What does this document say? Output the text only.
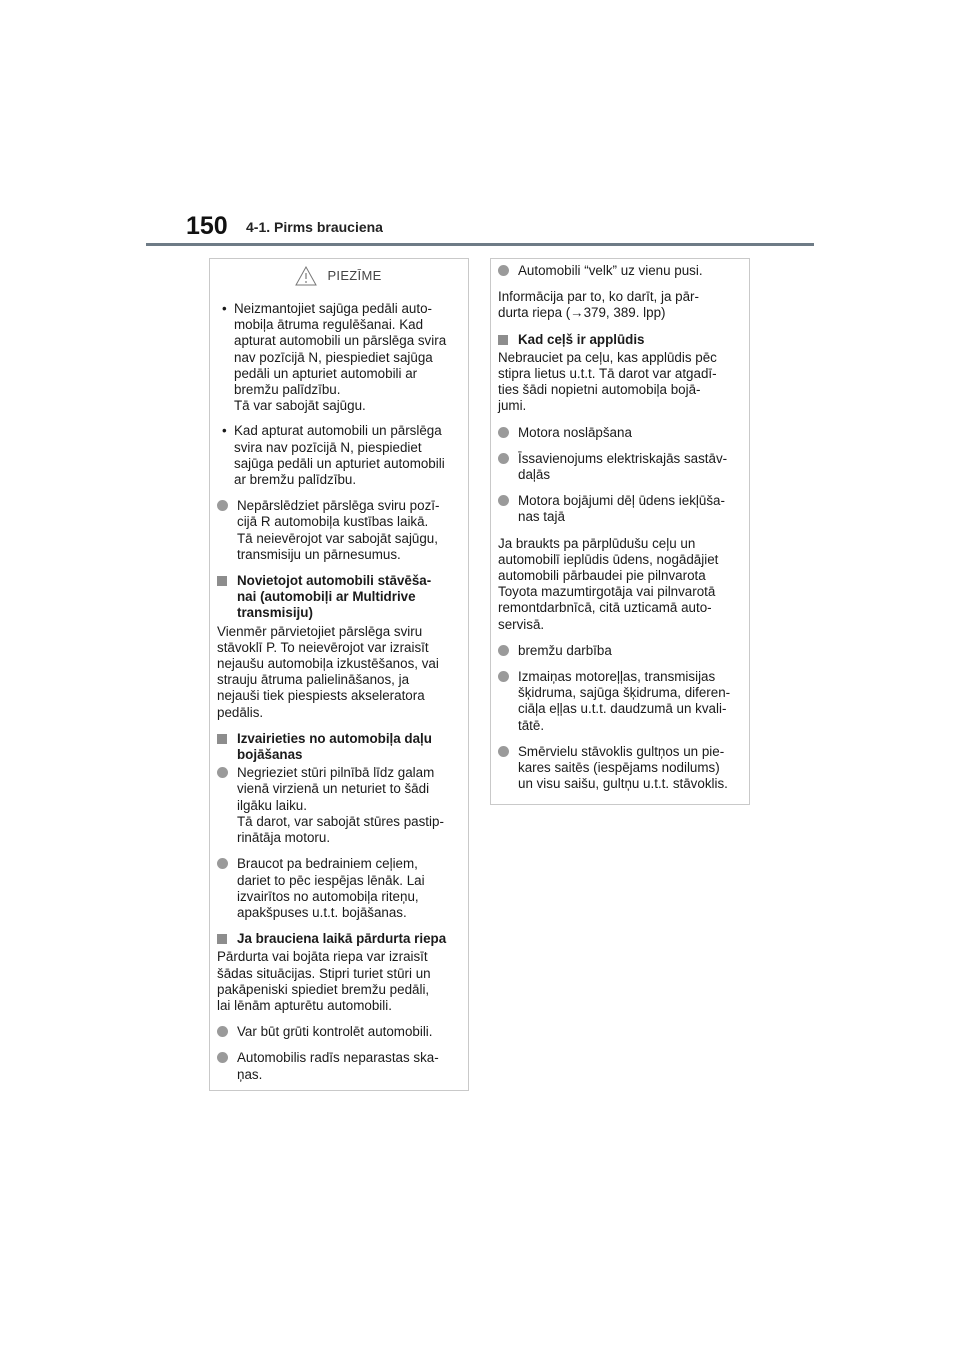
150 4-1. Pirms brauciena
PIEZĪME
• Neizmantojiet sajūga pedāli auto-
mobiļa ātruma regulēšanai. Kad
apturat automobili un pārslēga svira
nav pozīcijā N, piespiediet sajūga
pedāli un apturiet automobili ar
bremžu palīdzību.
Tā var sabojāt sajūgu.
• Kad apturat automobili un pārslēga
svira nav pozīcijā N, piespiediet
sajūga pedāli un apturiet automobili
ar bremžu palīdzību.
Nepārslēdziet pārslēga sviru pozī-
cijā R automobiļa kustības laikā.
Tā neievērojot var sabojāt sajūgu,
transmisiju un pārnesumus.
Novietojot automobili stāvēša-
nai (automobiļi ar Multidrive
transmisiju)
Vienmēr pārvietojiet pārslēga sviru
stāvoklī P. To neievērojot var izraisīt
nejaušu automobiļa izkustēšanos, vai
strauju ātruma palielināšanos, ja
nejauši tiek piespiests akseleratora
pedālis.
Izvairieties no automobiļa daļu
bojāšanas
Negrieziet stūri pilnībā līdz galam
vienā virzienā un neturiet to šādi
ilgāku laiku.
Tā darot, var sabojāt stūres pastip-
rinātāja motoru.
Braucot pa bedrainiem ceļiem,
dariet to pēc iespējas lēnāk. Lai
izvairītos no automobiļa riteņu,
apakšpuses u.t.t. bojāšanas.
Ja brauciena laikā pārdurta riepa
Pārdurta vai bojāta riepa var izraisīt
šādas situācijas. Stipri turiet stūri un
pakāpeniski spiediet bremžu pedāli,
lai lēnām apturētu automobili.
Var būt grūti kontrolēt automobili.
Automobilis radīs neparastas ska-
ņas.
Automobili “velk” uz vienu pusi.
Informācija par to, ko darīt, ja pār-
durta riepa (→379, 389. lpp)
Kad ceļš ir applūdis
Nebrauciet pa ceļu, kas applūdis pēc
stipra lietus u.t.t. Tā darot var atgadī-
ties šādi nopietni automobiļa bojā-
jumi.
Motora noslāpšana
Īssavienojums elektriskajās sastāv-
daļās
Motora bojājumi dēļ ūdens iekļūša-
nas tajā
Ja braukts pa pārplūdušu ceļu un
automobilī ieplūdis ūdens, nogādājiet
automobili pārbaudei pie pilnvarota
Toyota mazumtirgotāja vai pilnvarotā
remontdarbnīcā, citā uzticamā auto-
servisā.
bremžu darbība
Izmaiņas motoreļļas, transmisijas
šķidruma, sajūga šķidruma, diferen-
ciāļa eļļas u.t.t. daudzumā un kvali-
tātē.
Smērvielu stāvoklis gultņos un pie-
kares saitēs (iespējams nodilums)
un visu saišu, gultņu u.t.t. stāvoklis.
